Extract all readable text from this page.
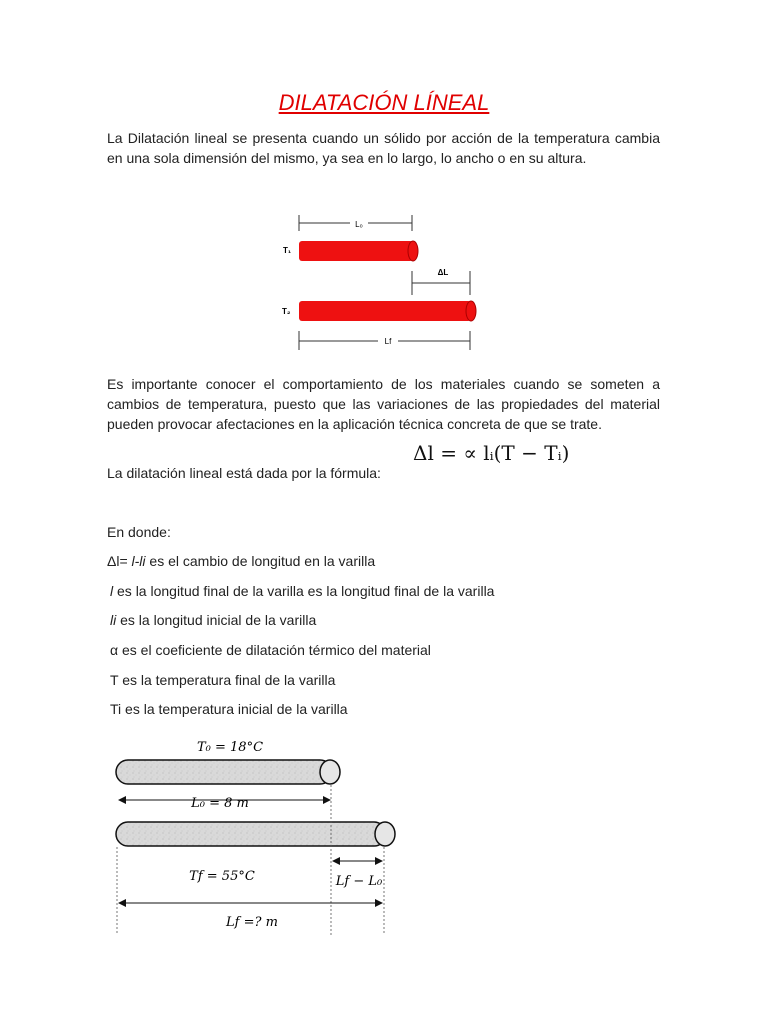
DILATACIÓN LÍNEAL

La Dilatación lineal se presenta cuando un sólido por acción de la temperatura cambia en una sola dimensión del mismo, ya sea en lo largo, lo ancho o en su altura.

L₀
T₁
ΔL
T₂
Lf

Es importante conocer el comportamiento de los materiales cuando se someten a cambios de temperatura, puesto que las variaciones de las propiedades del material pueden provocar afectaciones en la aplicación técnica concreta de que se trate.

La dilatación lineal está dada por la fórmula:

Δl = ∝ lᵢ(T − Tᵢ)

En donde:

Δl= l-li es el cambio de longitud en la varilla

l es la longitud final de la varilla es la longitud final de la varilla

li es la longitud inicial de la varilla

α es el coeficiente de dilatación térmico del material

T es la temperatura final de la varilla

Ti es la temperatura inicial de la varilla

T₀ = 18°C
L₀ = 8 m
Lf − L₀
Tf = 55°C
Lf =? m
